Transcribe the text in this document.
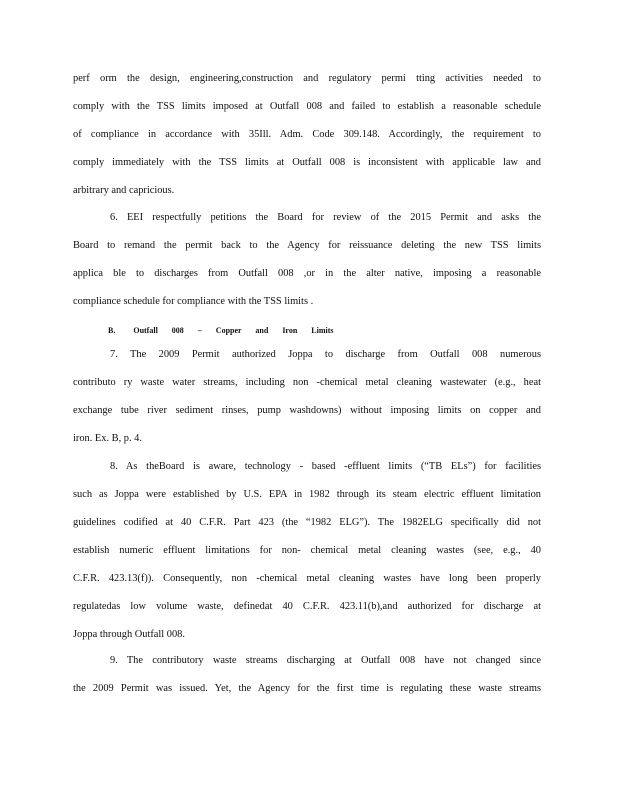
perf orm the design, engineering,construction and regulatory permi tting activities needed to
comply with the TSS limits imposed at Outfall 008 and failed to establish a reasonable schedule
of compliance in accordance with 35Ill. Adm. Code 309.148. Accordingly, the requirement to
comply immediately with the TSS limits at Outfall 008 is inconsistent with applicable law and
arbitrary and capricious.
6. EEI respectfully petitions the Board for review of the 2015 Permit and asks the
Board to remand the permit back to the Agency for reissuance deleting the new TSS limits
applica ble to discharges from Outfall 008 ,or in the alter native, imposing a reasonable
compliance schedule for compliance with the TSS limits .
B. Outfall 008 – Copper and Iron Limits
7. The 2009 Permit authorized Joppa to discharge from Outfall 008 numerous
contributo ry waste water streams, including non -chemical metal cleaning wastewater (e.g., heat
exchange tube river sediment rinses, pump washdowns) without imposing limits on copper and
iron. Ex. B, p. 4.
8. As theBoard is aware, technology - based -effluent limits (“TB ELs”) for facilities
such as Joppa were established by U.S. EPA in 1982 through its steam electric effluent limitation
guidelines codified at 40 C.F.R. Part 423 (the “1982 ELG”). The 1982ELG specifically did not
establish numeric effluent limitations for non- chemical metal cleaning wastes (see, e.g., 40
C.F.R. 423.13(f)). Consequently, non -chemical metal cleaning wastes have long been properly
regulatedas low volume waste, definedat 40 C.F.R. 423.11(b),and authorized for discharge at
Joppa through Outfall 008.
9. The contributory waste streams discharging at Outfall 008 have not changed since
the 2009 Permit was issued. Yet, the Agency for the first time is regulating these waste streams
